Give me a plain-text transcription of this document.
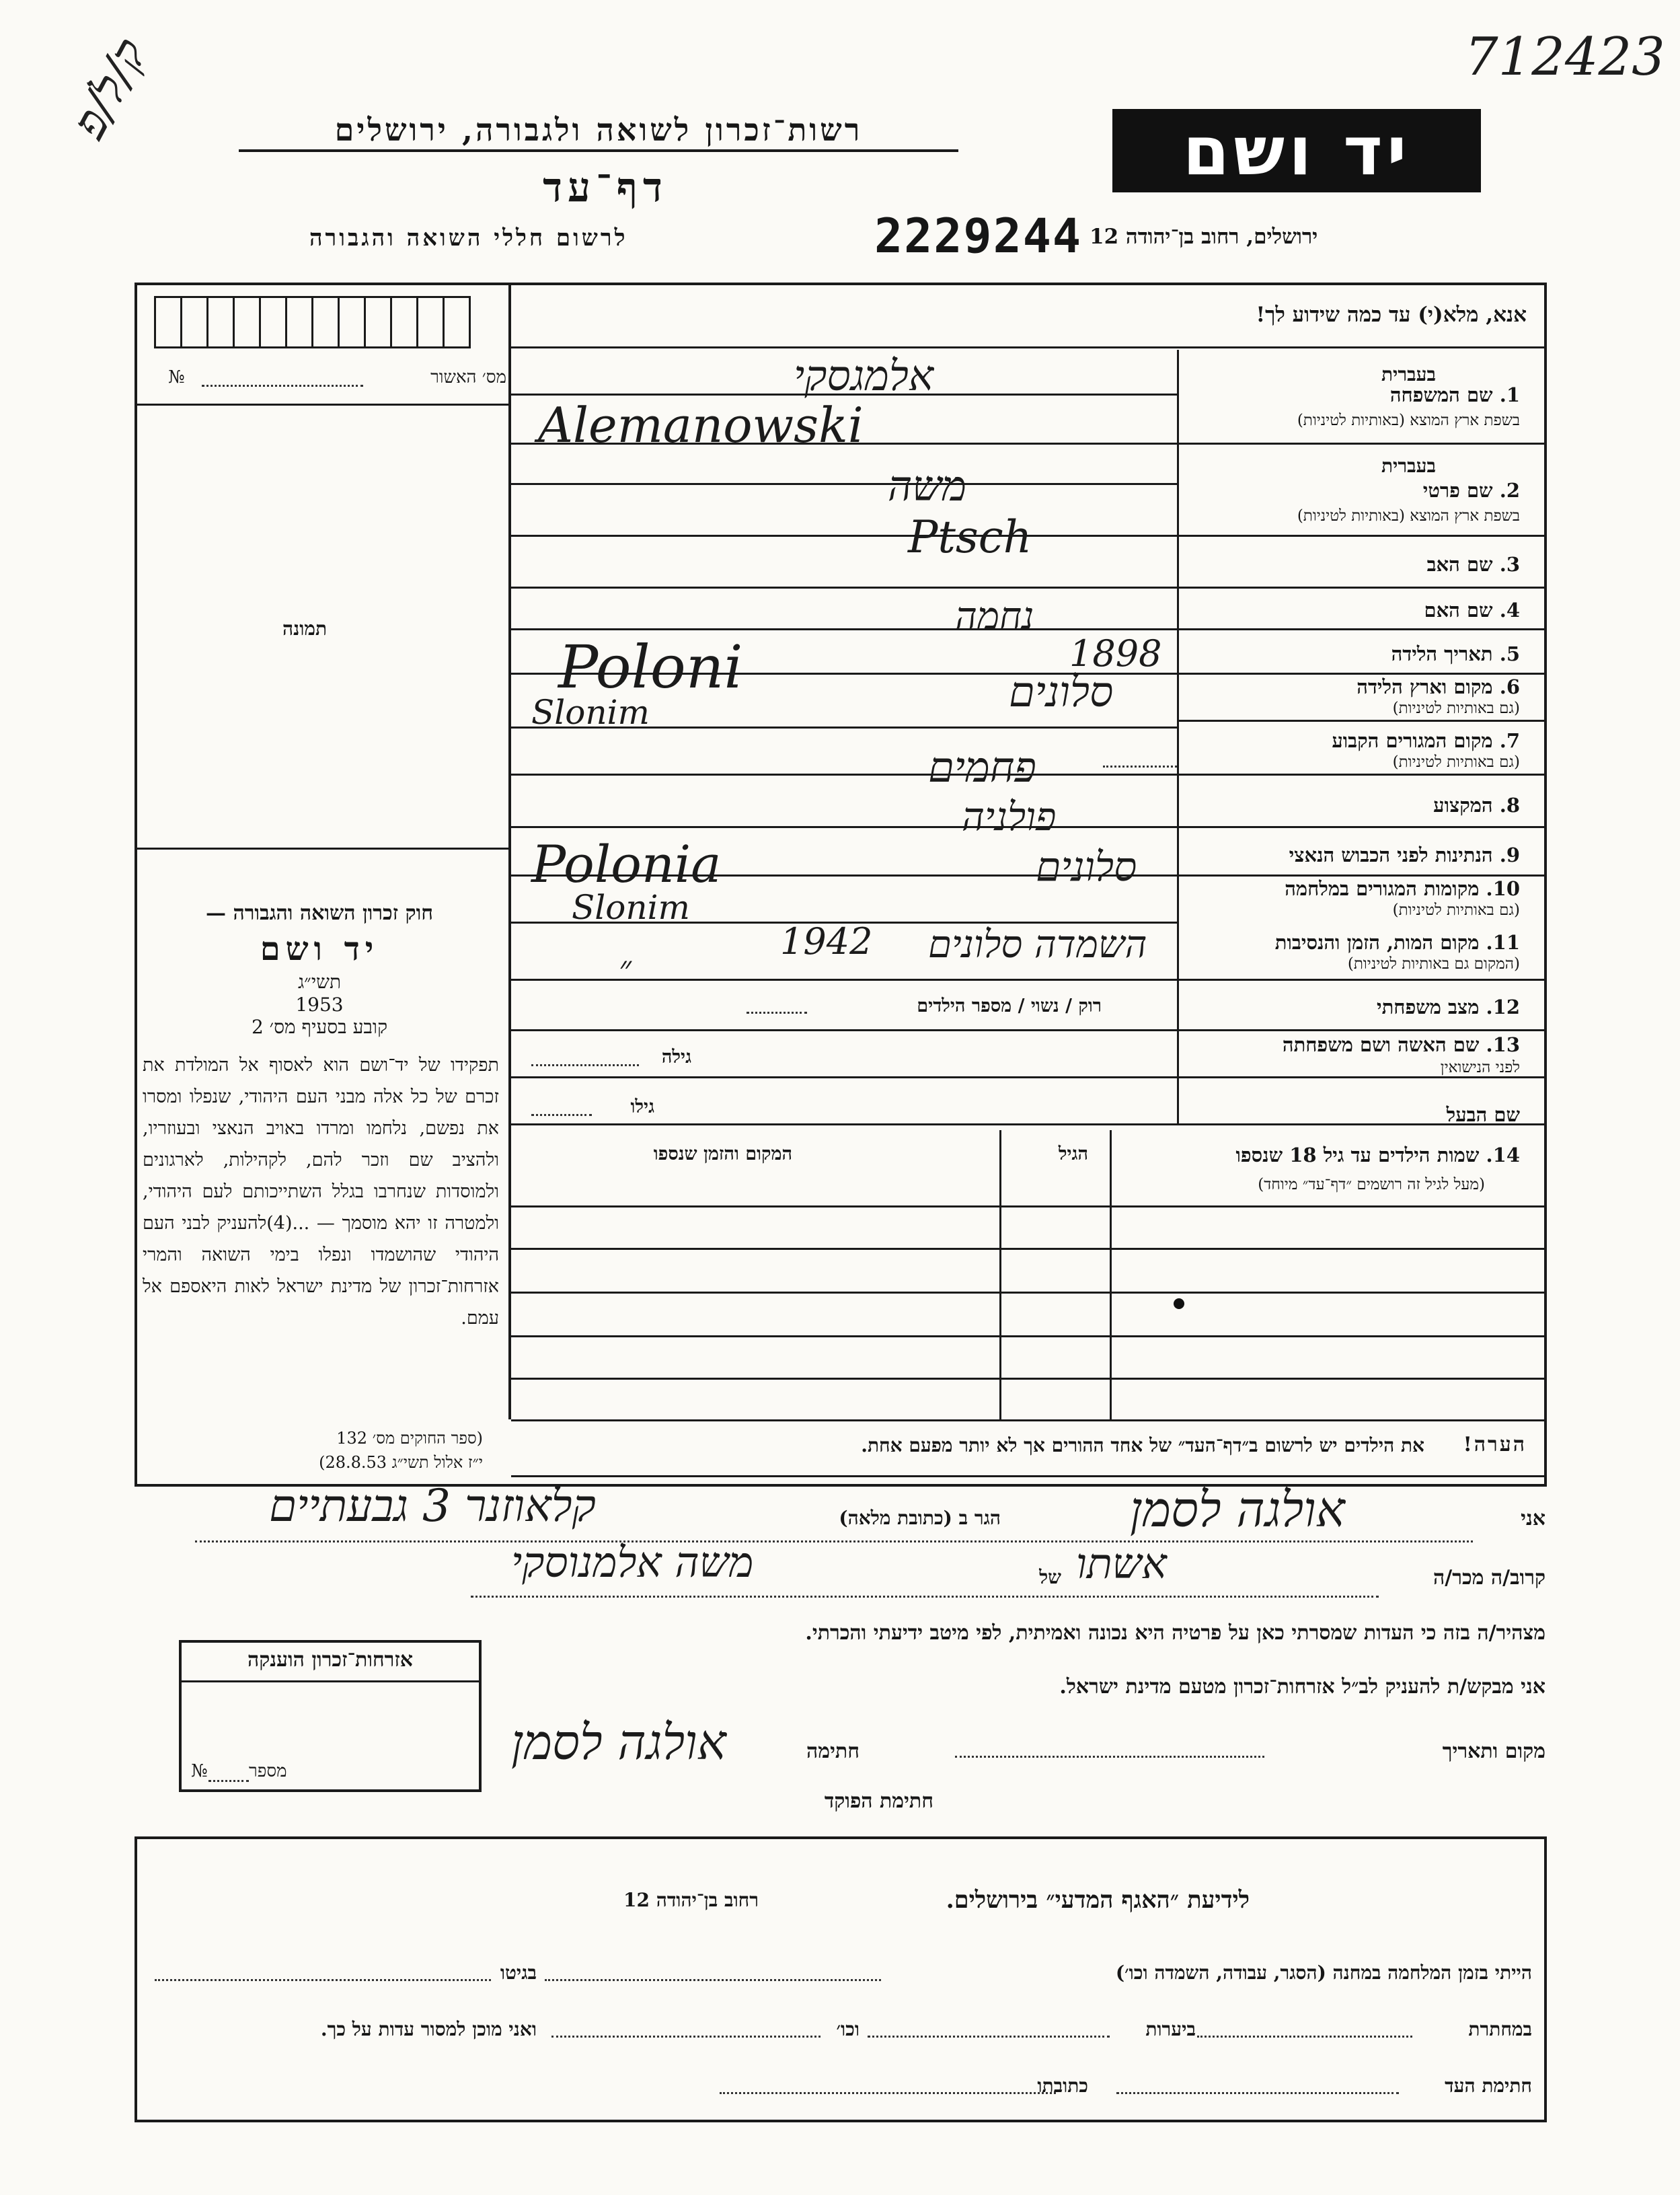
712423
ק/ל/פ
יד ושם
רשות־זכרון לשואה ולגבורה, ירושלים
דף־עד
ירושלים, רחוב בן־יהודה 12
2229244
לרשום חללי השואה והגבורה
אנא, מלא(י) עד כמה שידוע לך!
מס׳ האשור
№
תמונה
חוק זכרון השואה והגבורה —
יד ושם
תשי״ג
1953
קובע בסעיף מס׳ 2
תפקידו של יד־ושם הוא לאסוף אל המולדת את זכרם של כל אלה מבני העם היהודי, שנפלו ומסרו את נפשם, נלחמו ומרדו באויב הנאצי ובעוזריו, ולהציב שם וזכר להם, לקהילות, לארגונים ולמוסדות שנחרבו בגלל השתייכותם לעם היהודי, ולמטרה זו יהא מוסמך — ...(4)להעניק לבני העם היהודי שהושמדו ונפלו בימי השואה והמרי אזרחות־זכרון של מדינת ישראל לאות היאספם אל עמם.
(ספר החוקים מס׳ 132
י״ז אלול תשי״ג 28.8.53)
בעברית
1. שם המשפחה
בשפת ארץ המוצא (באותיות לטיניות)
אלמגסקי
Alemanowski
בעברית
2. שם פרטי
בשפת ארץ המוצא (באותיות לטיניות)
משה
Ptsch
3. שם האב
4. שם האם
נחמה
5. תאריך הלידה
1898
6. מקום וארץ הלידה
(גם באותיות לטיניות)
סלונים
Poloni
Slonim
7. מקום המגורים הקבוע
(גם באותיות לטיניות)
8. המקצוע
פחמים
9. הנתינות לפני הכבוש הנאצי
פולניה
10. מקומות המגורים במלחמה
(גם באותיות לטיניות)
סלונים
Polonia
Slonim
11. מקום המות, הזמן והנסיבות
(המקום גם באותיות לטיניות)
השמדה סלונים
1942
״
12. מצב משפחתי
רוק / נשוי / מספר הילדים
13. שם האשה ושם משפחתה
לפני הנישואין
גילה
שם הבעל
גילו
14. שמות הילדים עד גיל 18 שנספו
(מעל לגיל זה רושמים ״דף־עד״ מיוחד)
הגיל
המקום והזמן שנספו
הערה!
את הילדים יש לרשום ב״דף־העד״ של אחד ההורים אך לא יותר מפעם אחת.
אני
אולגה לסמן
הגר ב (כתובת מלאה)
קלאוזנר 3 גבעתיים
קרוב/ה מכר/ה
אשתו
של
משה אלמנוסקי
מצהיר/ה בזה כי העדות שמסרתי כאן על פרטיה היא נכונה ואמיתית, לפי מיטב ידיעתי והכרתי.
אני מבקש/ת להעניק לב״ל אזרחות־זכרון מטעם מדינת ישראל.
מקום ותאריך
חתימה
אולגה לסמן
חתימת הפוקד
אזרחות־זכרון הוענקה
מספר
№
לידיעת ״האגף המדעי״ בירושלים.
רחוב בן־יהודה 12
הייתי בזמן המלחמה במחנה (הסגר, עבודה, השמדה וכו׳)
בגיטו
במחתרת
ביערות
וכו׳
ואני מוכן למסור עדות על כך.
חתימת העד
כתובתו
